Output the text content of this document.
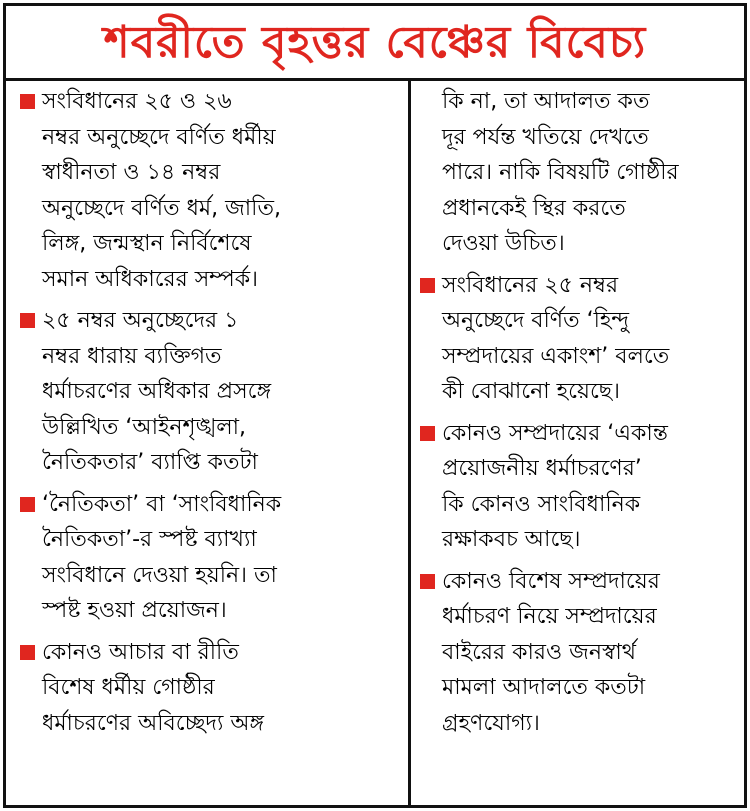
শবরীতে বৃহত্তর বেঞ্চের বিবেচ্য
সংবিধানের ২৫ ও ২৬
নম্বর অনুচ্ছেদে বর্ণিত ধর্মীয়
স্বাধীনতা ও ১৪ নম্বর
অনুচ্ছেদে বর্ণিত ধর্ম, জাতি,
লিঙ্গ, জন্মস্থান নির্বিশেষে
সমান অধিকারের সম্পর্ক।
২৫ নম্বর অনুচ্ছেদের ১
নম্বর ধারায় ব্যক্তিগত
ধর্মাচরণের অধিকার প্রসঙ্গে
উল্লিখিত ‘আইনশৃঙ্খলা,
নৈতিকতার’ ব্যাপ্তি কতটা
‘নৈতিকতা’ বা ‘সাংবিধানিক
নৈতিকতা’-র স্পষ্ট ব্যাখ্যা
সংবিধানে দেওয়া হয়নি। তা
স্পষ্ট হওয়া প্রয়োজন।
কোনও আচার বা রীতি
বিশেষ ধর্মীয় গোষ্ঠীর
ধর্মাচরণের অবিচ্ছেদ্য অঙ্গ
কি না, তা আদালত কত
দূর পর্যন্ত খতিয়ে দেখতে
পারে। নাকি বিষয়টি গোষ্ঠীর
প্রধানকেই স্থির করতে
দেওয়া উচিত।
সংবিধানের ২৫ নম্বর
অনুচ্ছেদে বর্ণিত ‘হিন্দু
সম্প্রদায়ের একাংশ’ বলতে
কী বোঝানো হয়েছে।
কোনও সম্প্রদায়ের ‘একান্ত
প্রয়োজনীয় ধর্মাচরণের’
কি কোনও সাংবিধানিক
রক্ষাকবচ আছে।
কোনও বিশেষ সম্প্রদায়ের
ধর্মাচরণ নিয়ে সম্প্রদায়ের
বাইরের কারও জনস্বার্থ
মামলা আদালতে কতটা
গ্রহণযোগ্য।
